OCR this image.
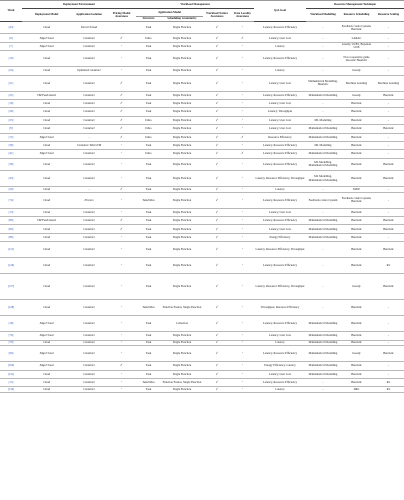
Work	Deployment Environment			Workload Management				QoS Goal	Resource Management Technique		
	Deployment Model	Application Isolation	Pricing Model Awareness	Application Model		Workload Nature Awareness	Data Locality Awareness		Workload Modelling	Resource Scheduling	Resource Scaling
				Structure	Scheduling Granularity						
[43]	Cloud	Kernel thread		Task	Single Function	✓	-	Latency, Resource Efficiency	-	Feedback control system, Heuristic	-
[6]	Edge/Cloud	Container	✓	DAG	Single Function	✓	✓	Latency, User Cost	-	LARAC	-
[7]	Edge/Cloud	Container	-	Task	Single Function	✓	-	Latency	-	Greedy, UCB1, Bayesian UCB	-
[10]	Cloud	Container	-	Task	Single Function	✓	-	Latency, Resource Efficiency	-	Non cooperative game theoretic Heuristic	-
[24]	Cloud	Optimized container	-	Task	Single Function	✓	-	Latency	-	Greedy	-
[21]	Cloud	Container	✓	Task	Single Function	✓	-	Latency, User Cost	Mathematical Modelling, Heuristic	Machine Learning	Machine Learning
[25]	VM/FaaS-based	Container	✓	Task	Single Function	✓	-	Latency, Resource Efficiency	Mathematical Modelling	Greedy	Heuristic
[19]	Cloud	Container	✓	Task	Single Function	✓	-	Latency, User Cost	-	Heuristic	-
[26]	Cloud	Container	✓	Task	Single Function	✓	-	Latency, Throughput	-	Heuristic	-
[23]	Cloud	Container	✓	DAG	Single Function	✓	-	Latency, User Cost	ML Modelling	Heuristic	-
[8]	Cloud	Container	✓	DAG	Single Function	✓	-	Latency, User Cost	Mathematical Modelling	Heuristic	Heuristic
[15]	Edge/Cloud	-	✓	DAG	Single Function	✓	✓	Resource Efficiency	Mathematical Modelling	Heuristic	-
[36]	Cloud	Container/ MicroVM	-	Task	Single Function	✓	-	Latency, Resource Efficiency	ML Modelling	Heuristic	-
[41]	Edge/Cloud	Container	-	DAG	Single Function	✓	✓	Latency, Resource Efficiency	Mathematical Modelling	Heuristic	-
[39]	Cloud	Container	-	Task	Single Function	✓	-	Latency, Resource Efficiency	ML Modelling, Mathematical Modelling	Heuristic	Heuristic
[43]	Cloud	Container	-	Task	Single Function	✓	-	Latency, Resource Efficiency, Throughput	ML Modelling, Mathematical Modelling	Heuristic	Heuristic
[20]	Cloud	-	✓	Task	Single Function	✓	-	Latency	-	MILP	-
[74]	Cloud	Process	-	Task/DAG	Single Function	✓	-	Latency, Resource Efficiency	Feedback control system	Feedback control system, Heuristic	-
[13]	Cloud	Container	-	Task	Single Function	✓	-	Latency, User Cost	-	Heuristic	-
[80]	VM/FaaS-based	Container	✓	Task	Single Function	✓	-	Latency, Resource Efficiency	Mathematical Modelling	Heuristic	Heuristic
[84]	Cloud	Container	✓	Task	Single Function	✓	-	Latency, User Cost	Mathematical Modelling	Heuristic	Heuristic
[86]	Cloud	Container	-	Task	Single Function	✓	-	Energy Efficiency	Mathematical Modelling	Heuristic	-
[121]	Cloud	Container	-	Task	Single Function	✓	-	Latency, Resource Efficiency, Throughput	-	Heuristic	Heuristic
[126]	Cloud	Container	-	Task	Single Function	✓	-	Latency, Resource Efficiency	-	Heuristic	RL
[127]	Cloud	Container	-	Task	Single Function	✓	-	Latency, Resource Efficiency, Throughput	-	Greedy	Heuristic
[128]	Cloud	Container	-	Task/DAG	Function Fusion, Single Function	✓	-	Throughput, Resource Efficiency	-	Heuristic	-
[18]	Edge/Cloud	Container	-	Task	Collection	✓	-	Latency, Resource Efficiency	Mathematical Modelling	Heuristic	-
[76]	Edge/Cloud	Container	-	Task	Single Function	✓	-	Latency, User Cost	Mathematical Modelling	Heuristic	-
[79]	Cloud	Container	-	Task	Single Function	✓	-	Latency	Mathematical Modelling	Heuristic	-
[90]	Edge/Cloud	Container	-	Task	Single Function	✓	-	Latency, Resource Efficiency	Mathematical Modelling	Greedy	Heuristic
[100]	Edge/Cloud	Container	✓	Task	Single Function	✓	-	Energy Efficiency, Latency	Mathematical Modelling	Heuristic	-
[131]	Cloud	Container	-	Task	Single Function	✓	-	Latency, User Cost	Mathematical Modelling	Heuristic	-
[15]	Cloud	Container	-	Task/DAG	Function Fusion, Single Function	✓	-	Latency, Resource Efficiency	-	Heuristic	RL
[134]	Cloud	Container	-	Task	Single Function	✓	-	Latency	-	DRL	RL
